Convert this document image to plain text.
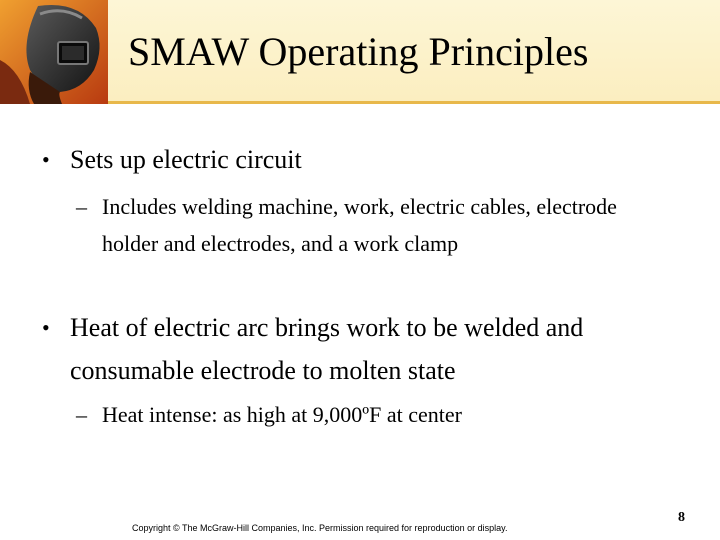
SMAW Operating Principles
• Sets up electric circuit
– Includes welding machine, work, electric cables, electrode holder and electrodes, and a work clamp
• Heat of electric arc brings work to be welded and consumable electrode to molten state
– Heat intense: as high at 9,000ºF at center
Copyright © The McGraw-Hill Companies, Inc. Permission required for reproduction or display.
8
